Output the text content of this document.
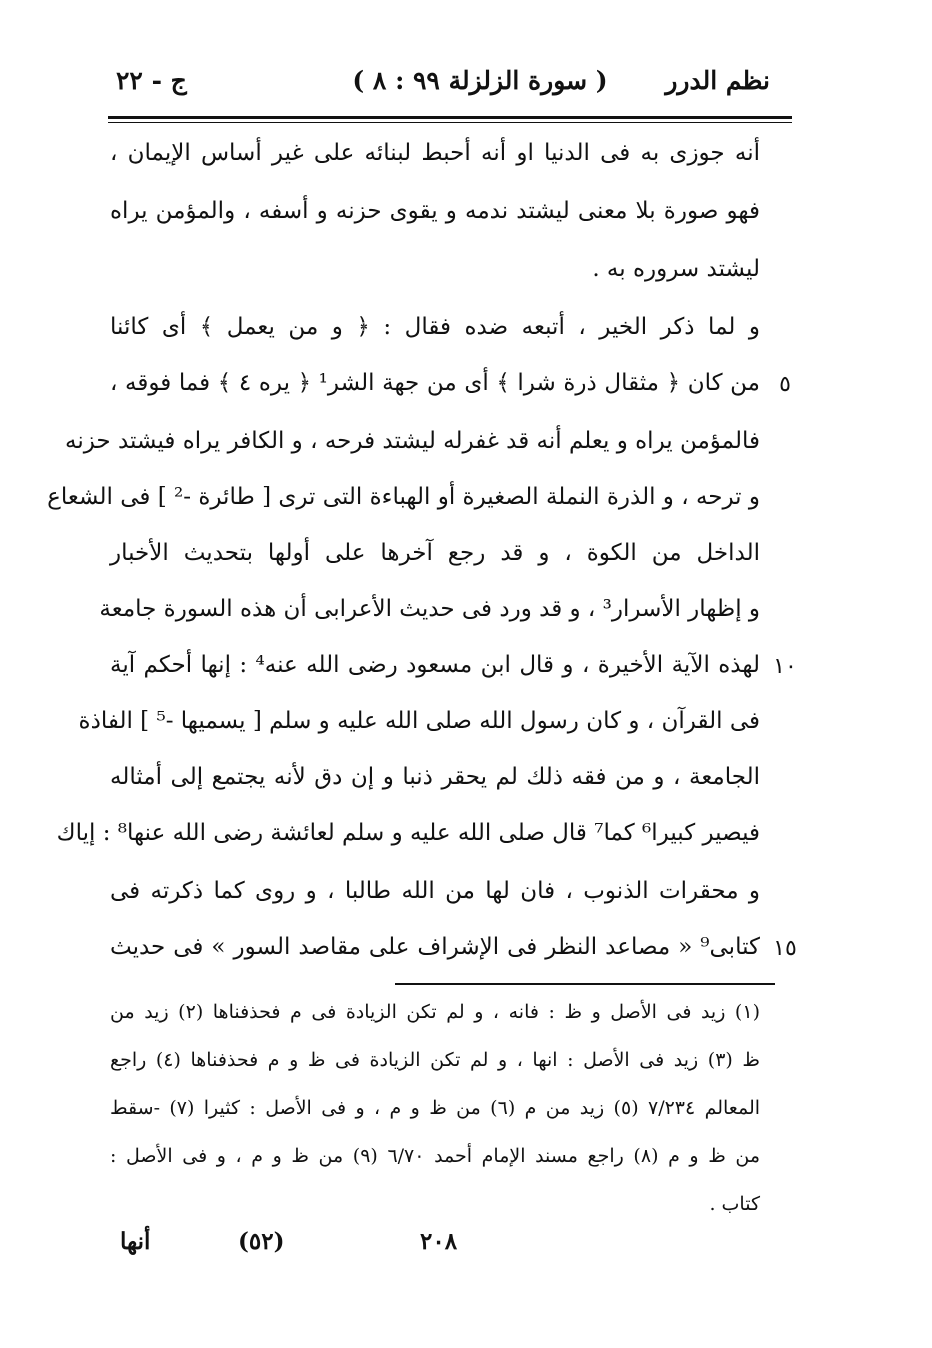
نظم الدرر
( سورة الزلزلة ٩٩ : ٨ )
ج - ٢٢
أنه جوزى به فى الدنيا او أنه أحبط لبنائه على غير أساس الإيمان ،
فهو صورة بلا معنى ليشتد ندمه و يقوى حزنه و أسفه ، والمؤمن يراه
ليشتد سروره به .
و لما ذكر الخير ، أتبعه ضده فقال : ﴿ و من يعمل ﴾ أى كائنا
من كان ﴿ مثقال ذرة شرا ﴾ أى من جهة الشر¹ ﴿ يره ٤ ﴾ فما فوقه ، ٥
فالمؤمن يراه و يعلم أنه قد غفرله ليشتد فرحه ، و الكافر يراه فيشتد حزنه
و ترحه ، و الذرة النملة الصغيرة أو الهباءة التى ترى [ طائرة -² ] فى الشعاع
الداخل من الكوة ، و قد رجع آخرها على أولها بتحديث الأخبار
و إظهار الأسرار³ ، و قد ورد فى حديث الأعرابى أن هذه السورة جامعة
لهذه الآية الأخيرة ، و قال ابن مسعود رضى الله عنه⁴ : إنها أحكم آية ١٠
فى القرآن ، و كان رسول الله صلى الله عليه و سلم [ يسميها -⁵ ] الفاذة
الجامعة ، و من فقه ذلك لم يحقر ذنبا و إن دق لأنه يجتمع إلى أمثاله
فيصير كبيرا⁶ كما⁷ قال صلى الله عليه و سلم لعائشة رضى الله عنها⁸ : إياك
و محقرات الذنوب ، فان لها من الله طالبا ، و روى كما ذكرته فى
كتابى⁹ « مصاعد النظر فى الإشراف على مقاصد السور » فى حديث ١٥
(١) زيد فى الأصل و ظ : فانه ، و لم تكن الزيادة فى م فحذفناها (٢) زيد من
ظ (٣) زيد فى الأصل : انها ، و لم تكن الزيادة فى ظ و م فحذفناها (٤) راجع
المعالم ٧/٢٣٤ (٥) زيد من م (٦) من ظ و م ، و فى الأصل : كثيرا (٧) -سقط
من ظ و م (٨) راجع مسند الإمام أحمد ٦/٧٠ (٩) من ظ و م ، و فى الأصل :
كتاب .
أنها	(٥٢)	٢٠٨
